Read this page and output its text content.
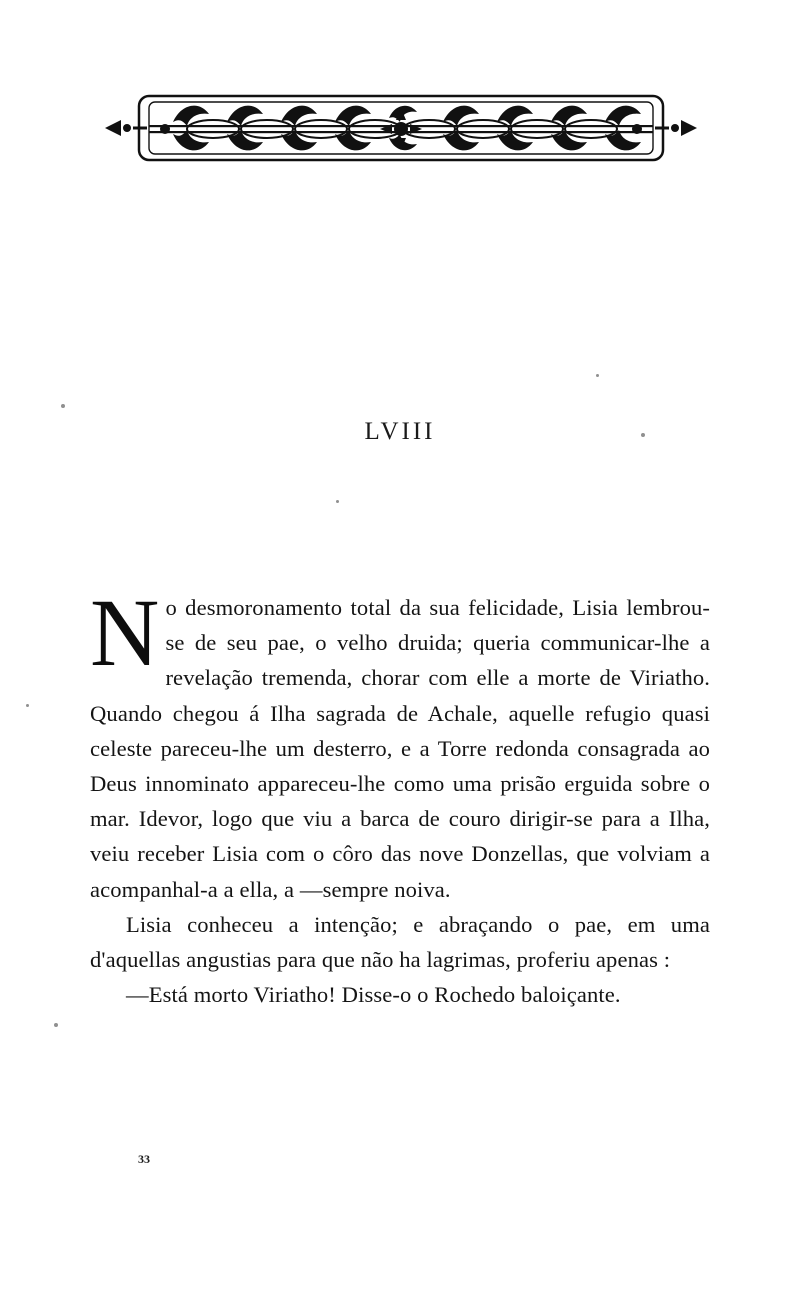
LVIII

No desmoronamento total da sua felicidade, Lisia lembrou-se de seu pae, o velho druida; queria communicar-lhe a revelação tremenda, chorar com elle a morte de Viriatho. Quando chegou á Ilha sagrada de Achale, aquelle refugio quasi celeste pareceu-lhe um desterro, e a Torre redonda consagrada ao Deus innominato appareceu-lhe como uma prisão erguida sobre o mar. Idevor, logo que viu a barca de couro dirigir-se para a Ilha, veiu receber Lisia com o côro das nove Donzellas, que volviam a acompanhal-a a ella, a —sempre noiva.

Lisia conheceu a intenção; e abraçando o pae, em uma d'aquellas angustias para que não ha lagrimas, proferiu apenas :

—Está morto Viriatho! Disse-o o Rochedo baloiçante.

33
